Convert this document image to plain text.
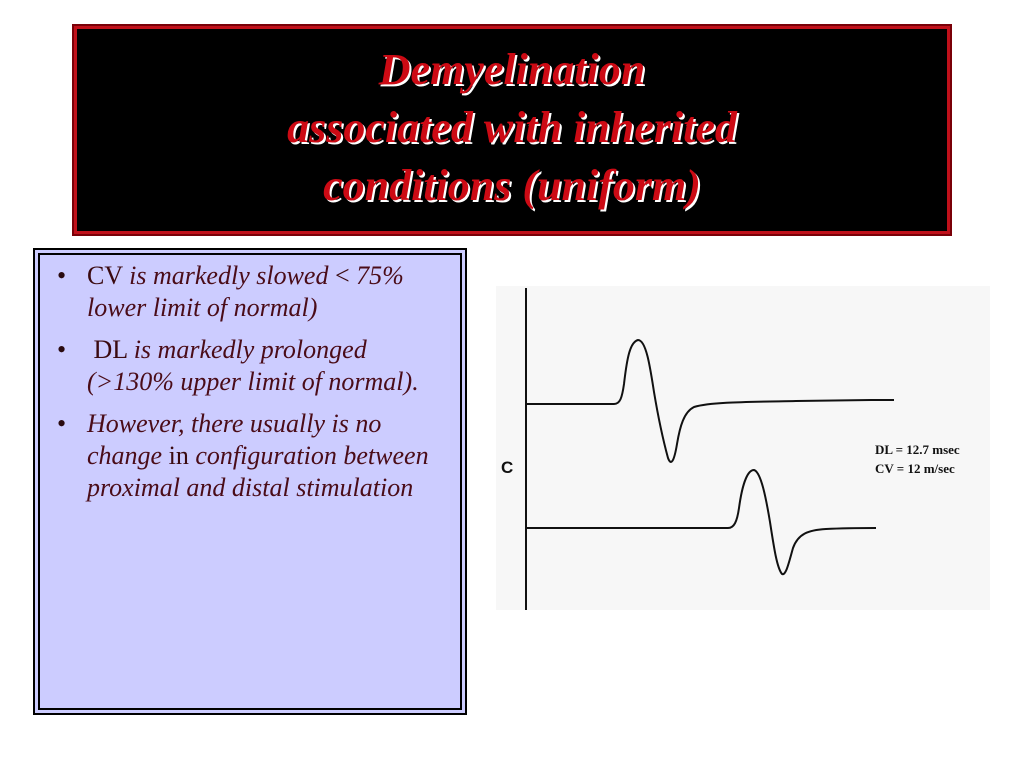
Demyelination
associated with inherited
conditions (uniform)
• CV is markedly slowed < 75% lower limit of normal)
• DL is markedly prolonged (>130% upper limit of normal).
• However, there usually is no change in configuration between proximal and distal stimulation
C
DL = 12.7 msec
CV = 12 m/sec
